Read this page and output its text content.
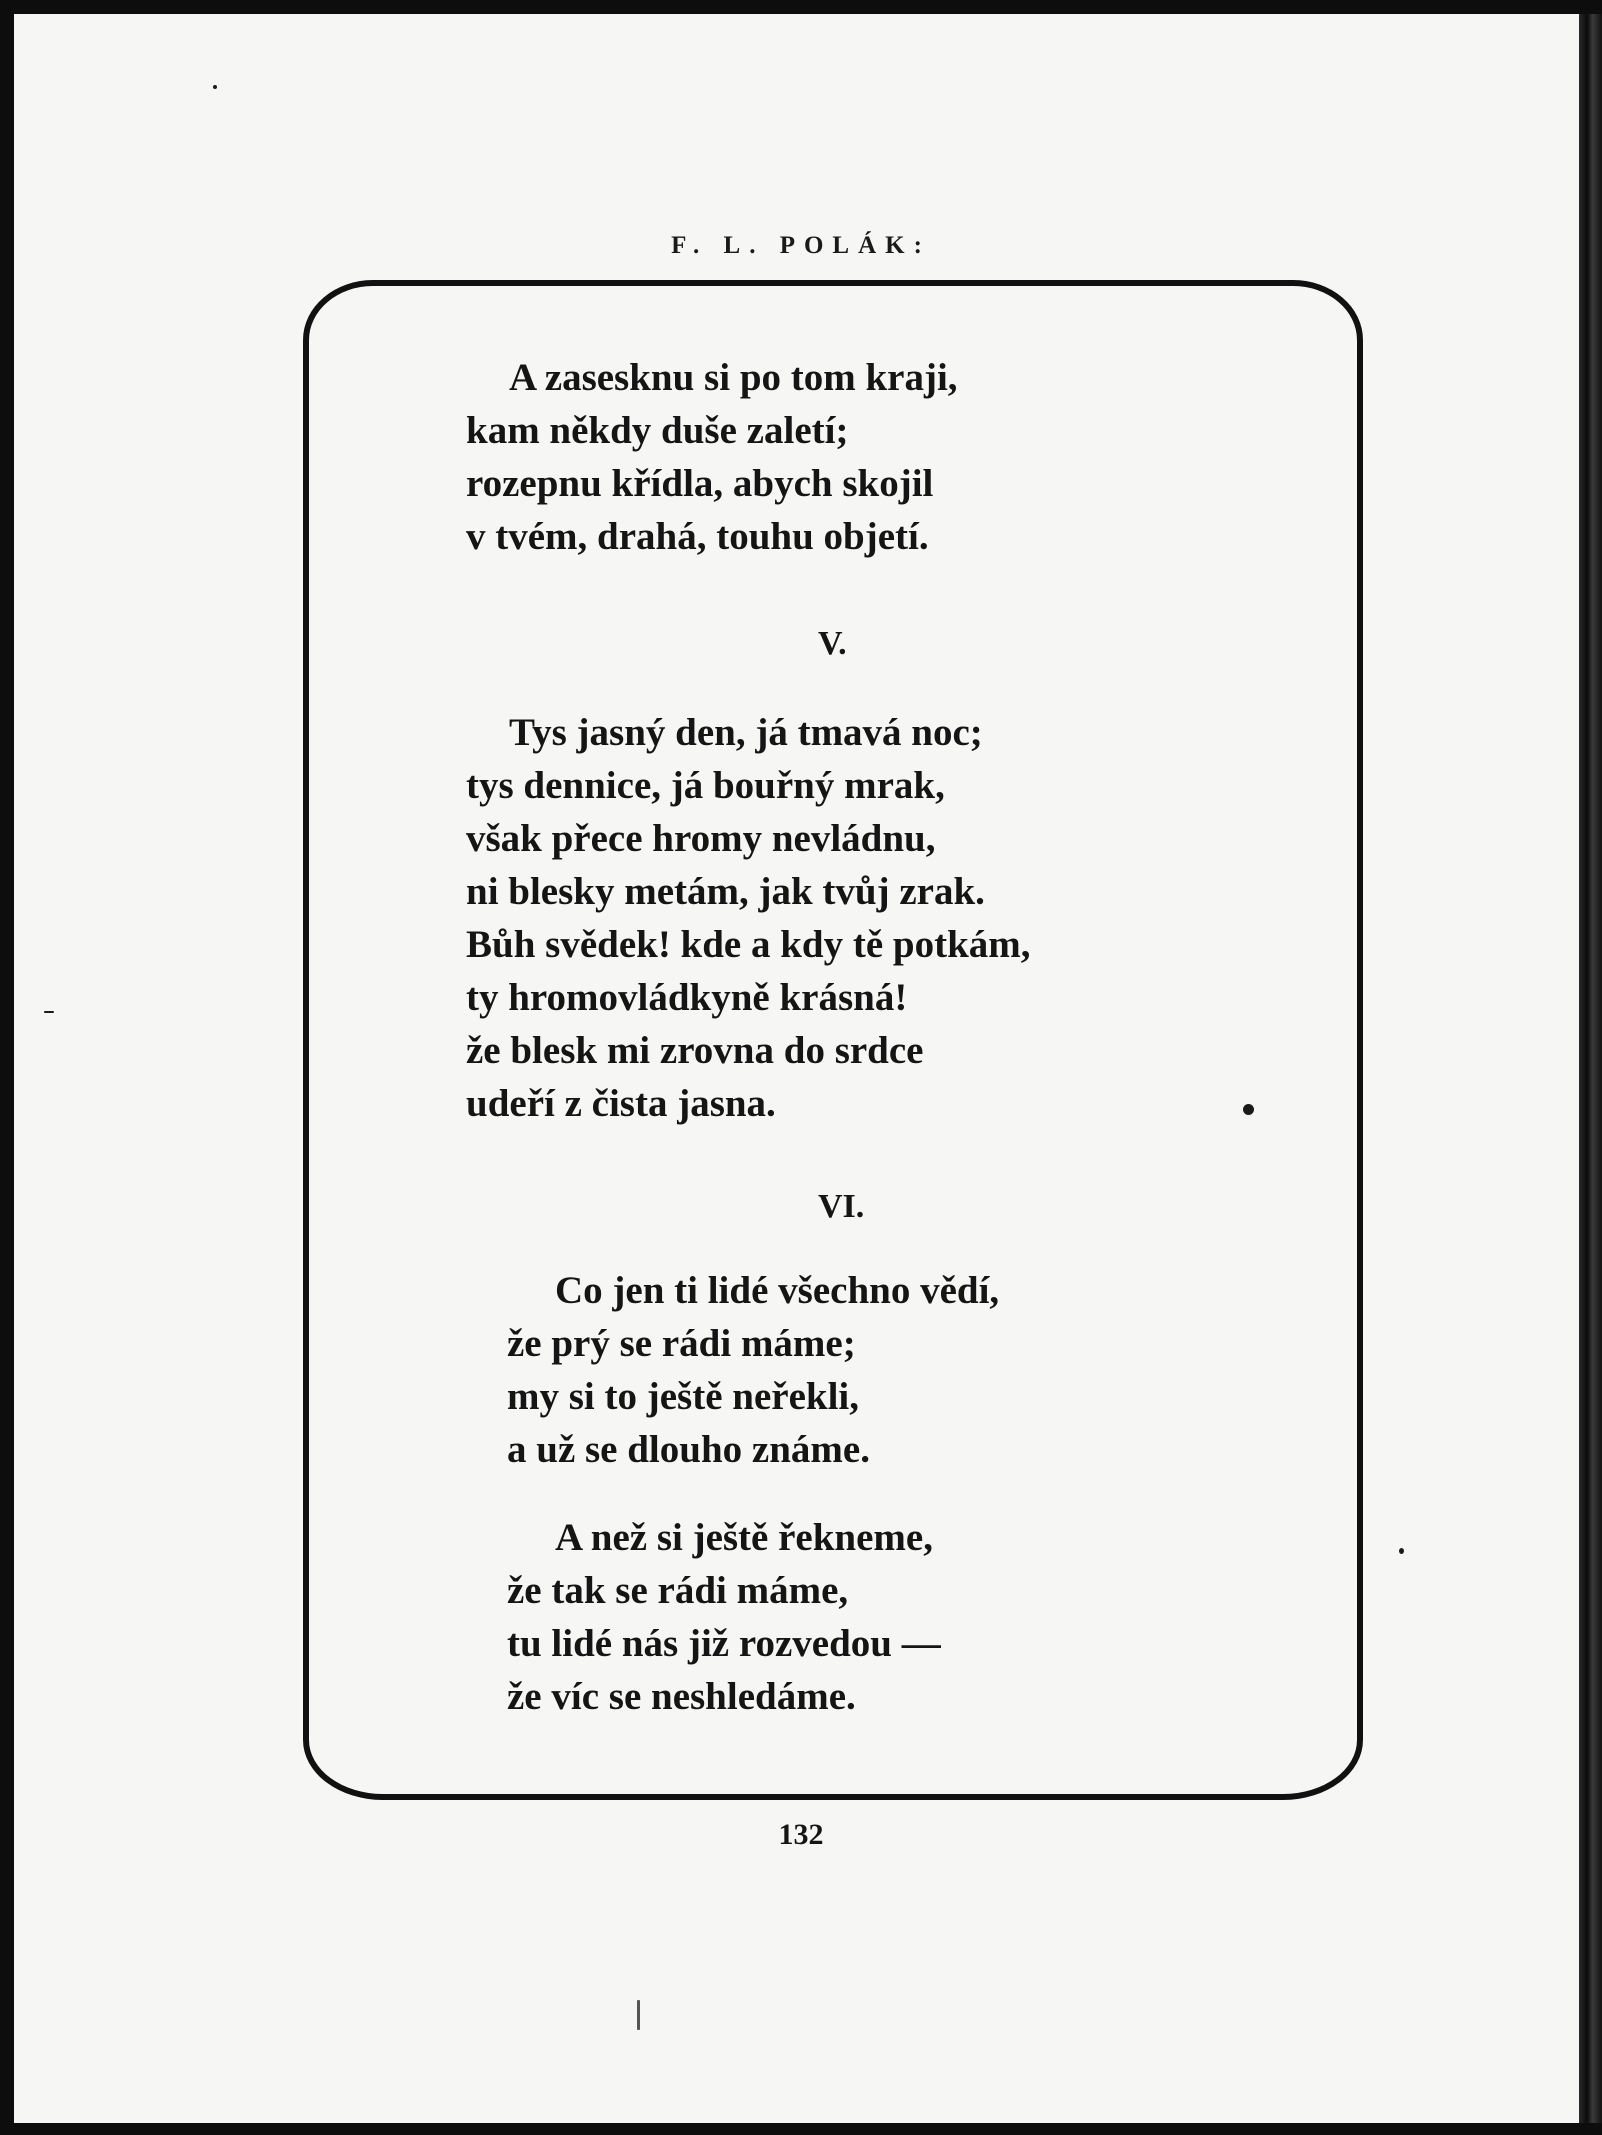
F. L. POLÁK:
A zasesknu si po tom kraji,
kam někdy duše zaletí;
rozepnu křídla, abych skojil
v tvém, drahá, touhu objetí.
V.
Tys jasný den, já tmavá noc;
tys dennice, já bouřný mrak,
však přece hromy nevládnu,
ni blesky metám, jak tvůj zrak.
Bůh svědek! kde a kdy tě potkám,
ty hromovládkyně krásná!
že blesk mi zrovna do srdce
udeří z čista jasna.
VI.
Co jen ti lidé všechno vědí,
že prý se rádi máme;
my si to ještě neřekli,
a už se dlouho známe.
A než si ještě řekneme,
že tak se rádi máme,
tu lidé nás již rozvedou —
že víc se neshledáme.
132
